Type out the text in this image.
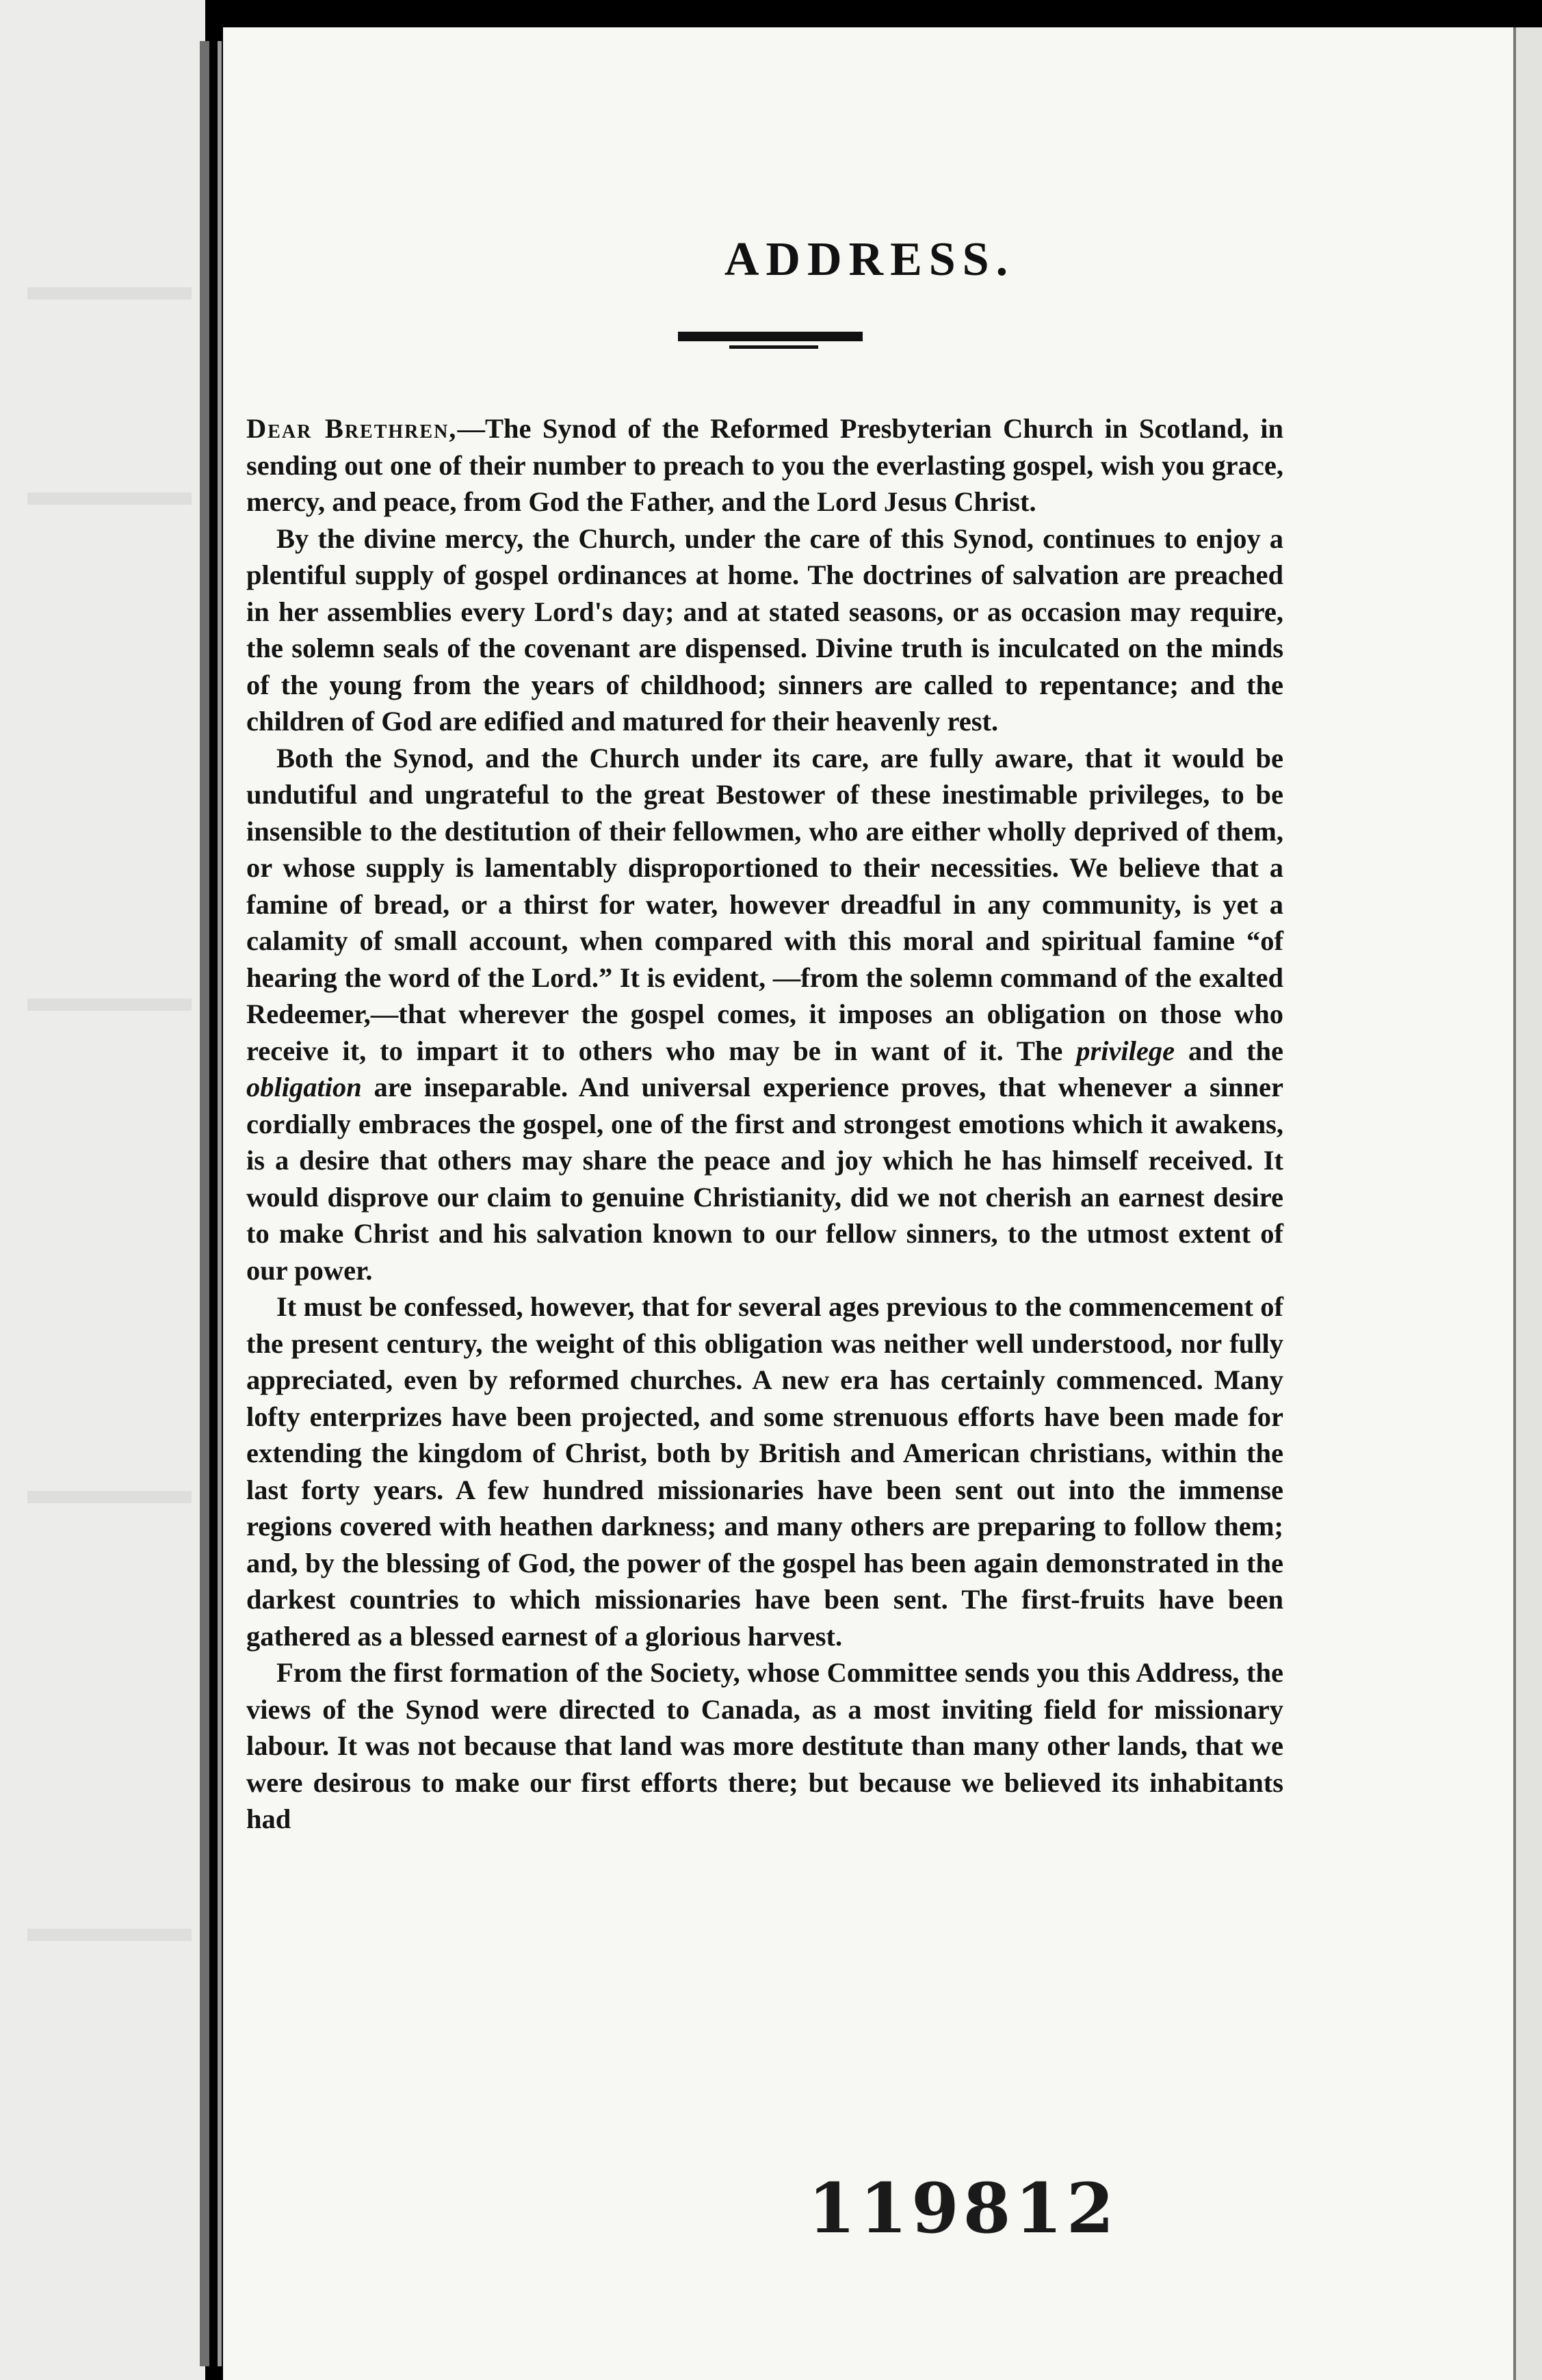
ADDRESS.

Dear Brethren,—The Synod of the Reformed Presbyterian Church in Scotland, in sending out one of their number to preach to you the everlasting gospel, wish you grace, mercy, and peace, from God the Father, and the Lord Jesus Christ.

By the divine mercy, the Church, under the care of this Synod, continues to enjoy a plentiful supply of gospel ordinances at home. The doctrines of salvation are preached in her assemblies every Lord's day; and at stated seasons, or as occasion may require, the solemn seals of the covenant are dispensed. Divine truth is inculcated on the minds of the young from the years of childhood; sinners are called to repentance; and the children of God are edified and matured for their heavenly rest.

Both the Synod, and the Church under its care, are fully aware, that it would be undutiful and ungrateful to the great Bestower of these inestimable privileges, to be insensible to the destitution of their fellowmen, who are either wholly deprived of them, or whose supply is lamentably disproportioned to their necessities. We believe that a famine of bread, or a thirst for water, however dreadful in any community, is yet a calamity of small account, when compared with this moral and spiritual famine “of hearing the word of the Lord.” It is evident, —from the solemn command of the exalted Redeemer,—that wherever the gospel comes, it imposes an obligation on those who receive it, to impart it to others who may be in want of it. The privilege and the obligation are inseparable. And universal experience proves, that whenever a sinner cordially embraces the gospel, one of the first and strongest emotions which it awakens, is a desire that others may share the peace and joy which he has himself received. It would disprove our claim to genuine Christianity, did we not cherish an earnest desire to make Christ and his salvation known to our fellow sinners, to the utmost extent of our power.

It must be confessed, however, that for several ages previous to the commencement of the present century, the weight of this obligation was neither well understood, nor fully appreciated, even by reformed churches. A new era has certainly commenced. Many lofty enterprizes have been projected, and some strenuous efforts have been made for extending the kingdom of Christ, both by British and American christians, within the last forty years. A few hundred missionaries have been sent out into the immense regions covered with heathen darkness; and many others are preparing to follow them; and, by the blessing of God, the power of the gospel has been again demonstrated in the darkest countries to which missionaries have been sent. The first-fruits have been gathered as a blessed earnest of a glorious harvest.

From the first formation of the Society, whose Committee sends you this Address, the views of the Synod were directed to Canada, as a most inviting field for missionary labour. It was not because that land was more destitute than many other lands, that we were desirous to make our first efforts there; but because we believed its inhabitants had

119812
